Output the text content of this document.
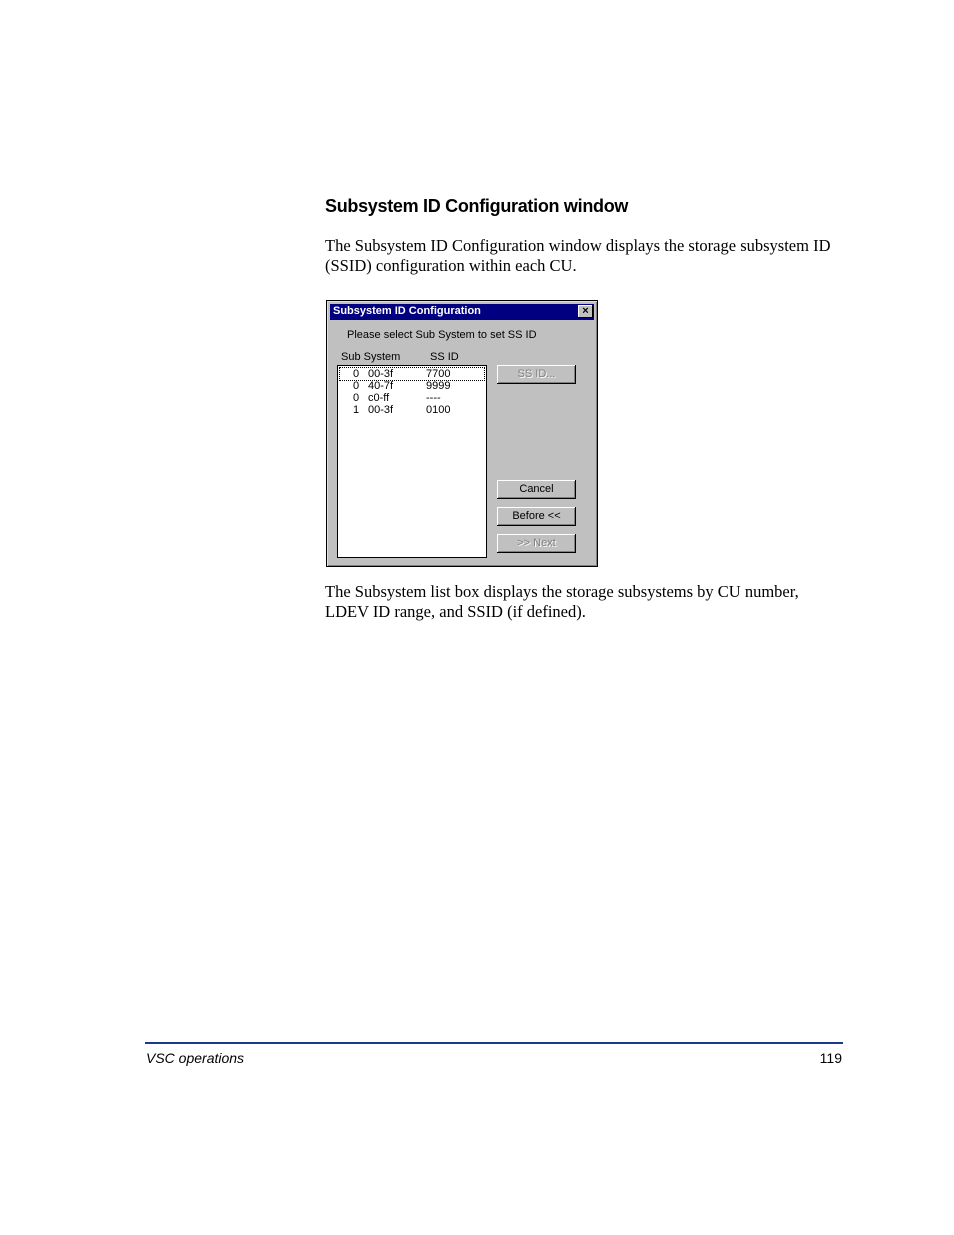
Subsystem ID Configuration window

The Subsystem ID Configuration window displays the storage subsystem ID (SSID) configuration within each CU.

Subsystem ID Configuration	×
Please select Sub System to set SS ID
Sub System	SS ID
0 00-3f	7700
0 40-7f	9999
0 c0-ff	----
1 00-3f	0100
SS ID...
Cancel
Before <<
>> Next

The Subsystem list box displays the storage subsystems by CU number, LDEV ID range, and SSID (if defined).

VSC operations	119
